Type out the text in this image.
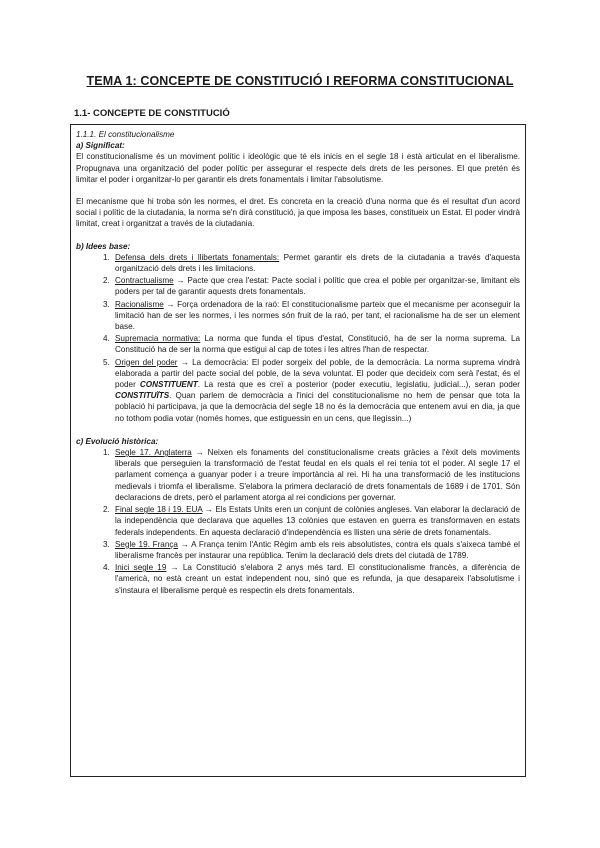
TEMA 1: CONCEPTE DE CONSTITUCIÓ I REFORMA CONSTITUCIONAL
1.1- CONCEPTE DE CONSTITUCIÓ

1.1.1. El constitucionalisme

a) Significat:

El constitucionalisme és un moviment polític i ideològic que té els inicis en el segle 18 i està articulat en el liberalisme. Propugnava una organització del poder polític per assegurar el respecte dels drets de les persones. El que pretén és limitar el poder i organitzar-lo per garantir els drets fonamentals i limitar l'absolutisme.

El mecanisme que hi troba són les normes, el dret. Es concreta en la creació d'una norma que és el resultat d'un acord social i polític de la ciutadania, la norma se'n dirà constitució, ja que imposa les bases, constitueix un Estat. El poder vindrà limitat, creat i organitzat a través de la ciutadania.

b) Idees base:

1. Defensa dels drets i llibertats fonamentals: Permet garantir els drets de la ciutadania a través d'aquesta organització dels drets i les limitacions.
2. Contractualisme → Pacte que crea l'estat: Pacte social i polític que crea el poble per organitzar-se, limitant els poders per tal de garantir aquests drets fonamentals.
3. Racionalisme → Força ordenadora de la raó: El constitucionalisme parteix que el mecanisme per aconseguir la limitació han de ser les normes, i les normes són fruit de la raó, per tant, el racionalisme ha de ser un element base.
4. Supremacia normativa: La norma que funda el tipus d'estat, Constitució, ha de ser la norma suprema. La Constitució ha de ser la norma que estigui al cap de totes i les altres l'han de respectar.
5. Origen del poder → La democràcia: El poder sorgeix del poble, de la democràcia. La norma suprema vindrà elaborada a partir del pacte social del poble, de la seva voluntat. El poder que decideix com serà l'estat, és el poder CONSTITUENT. La resta que es creï a posterior (poder executiu, legislatiu, judicial...), seran poder CONSTITUÏTS. Quan parlem de democràcia a l'inici del constitucionalisme no hem de pensar que tota la població hi participava, ja que la democràcia del segle 18 no és la democràcia que entenem avui en dia, ja que no tothom podia votar (només homes, que estiguessin en un cens, que llegissin...)

c) Evolució històrica:

1. Segle 17. Anglaterra → Neixen els fonaments del constitucionalisme creats gràcies a l'èxit dels moviments liberals que perseguien la transformació de l'estat feudal en els quals el rei tenia tot el poder. Al segle 17 el parlament comença a guanyar poder i a treure importància al rei. Hi ha una transformació de les institucions medievals i triomfa el liberalisme. S'elabora la primera declaració de drets fonamentals de 1689 i de 1701. Són declaracions de drets, però el parlament atorga al rei condicions per governar.
2. Final segle 18 i 19. EUA → Els Estats Units eren un conjunt de colònies angleses. Van elaborar la declaració de la independència que declarava que aquelles 13 colònies que estaven en guerra es transformaven en estats federals independents. En aquesta declaració d'independència es llisten una sèrie de drets fonamentals.
3. Segle 19. França → A França tenim l'Antic Règim amb els reis absolutistes, contra els quals s'aixeca també el liberalisme francès per instaurar una república. Tenim la declaració dels drets del ciutadà de 1789.
4. Inici segle 19 → La Constitució s'elabora 2 anys més tard. El constitucionalisme francès, a diferència de l'americà, no està creant un estat independent nou, sinó que es refunda, ja que desapareix l'absolutisme i s'instaura el liberalisme perquè es respectin els drets fonamentals.
